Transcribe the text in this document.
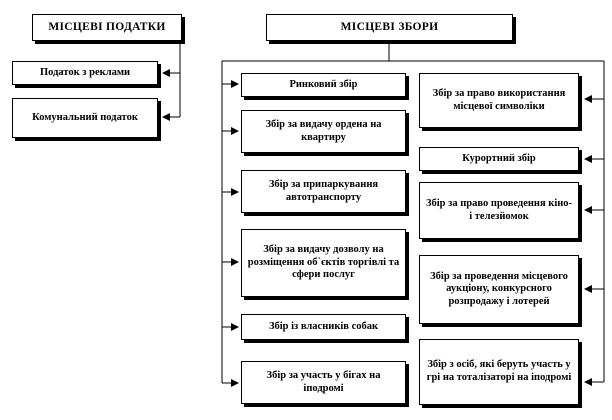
МІСЦЕВІ ПОДАТКИ
Податок з реклами
Комунальний податок
МІСЦЕВІ ЗБОРИ
Ринковий збір
Збір за видачу ордена на квартиру
Збір за припаркування автотранспорту
Збір за видачу дозволу на розміщення об`єктів торгівлі та сфери послуг
Збір із власників собак
Збір за участь у бігах на іподромі
Збір за право використання місцевої символіки
Курортний збір
Збір за право проведення кіно- і телезйомок
Збір за проведення місцевого аукціону, конкурсного розпродажу і лотерей
Збір з осіб, які беруть участь у грі на тоталізаторі на іподромі
